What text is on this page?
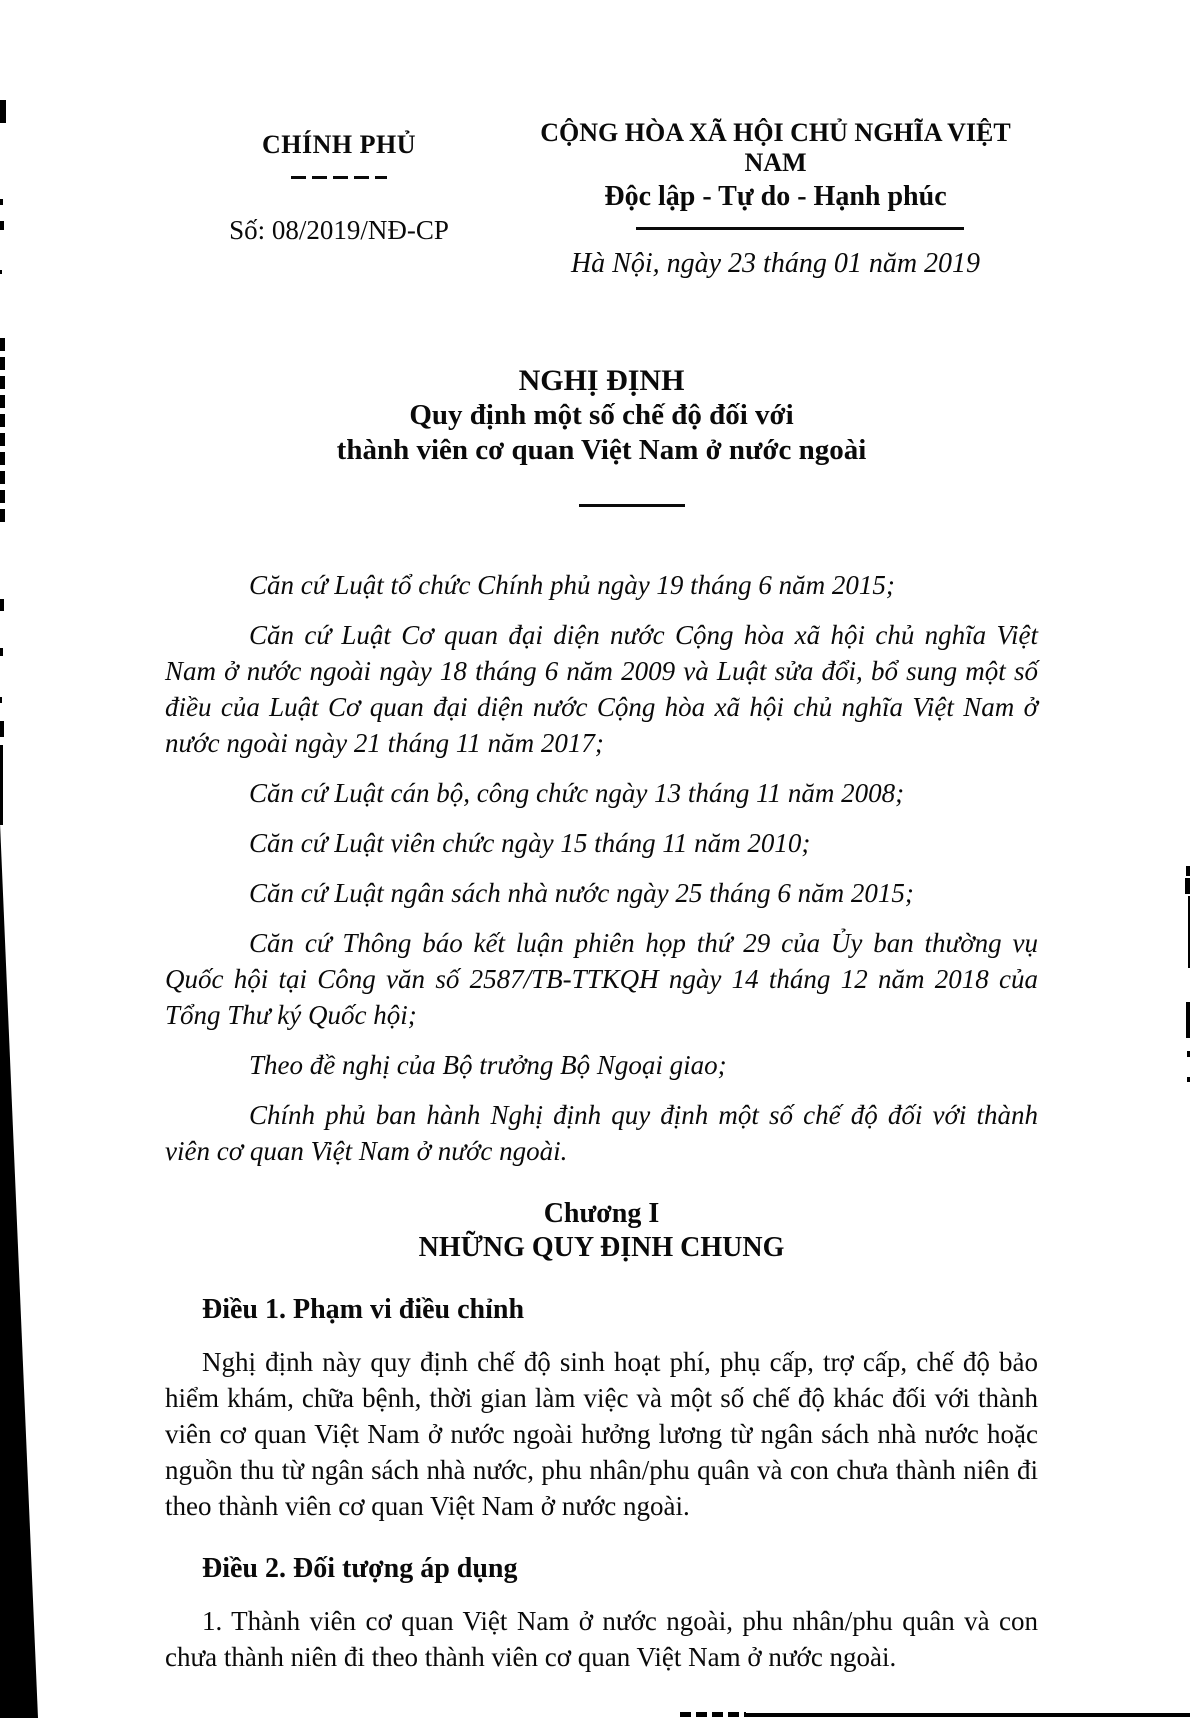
CHÍNH PHỦ
Số: 08/2019/NĐ-CP
CỘNG HÒA XÃ HỘI CHỦ NGHĨA VIỆT NAM
Độc lập - Tự do - Hạnh phúc
Hà Nội, ngày 23 tháng 01 năm 2019
NGHỊ ĐỊNH
Quy định một số chế độ đối với
thành viên cơ quan Việt Nam ở nước ngoài

Căn cứ Luật tổ chức Chính phủ ngày 19 tháng 6 năm 2015;

Căn cứ Luật Cơ quan đại diện nước Cộng hòa xã hội chủ nghĩa Việt Nam ở nước ngoài ngày 18 tháng 6 năm 2009 và Luật sửa đổi, bổ sung một số điều của Luật Cơ quan đại diện nước Cộng hòa xã hội chủ nghĩa Việt Nam ở nước ngoài ngày 21 tháng 11 năm 2017;

Căn cứ Luật cán bộ, công chức ngày 13 tháng 11 năm 2008;

Căn cứ Luật viên chức ngày 15 tháng 11 năm 2010;

Căn cứ Luật ngân sách nhà nước ngày 25 tháng 6 năm 2015;

Căn cứ Thông báo kết luận phiên họp thứ 29 của Ủy ban thường vụ Quốc hội tại Công văn số 2587/TB-TTKQH ngày 14 tháng 12 năm 2018 của Tổng Thư ký Quốc hội;

Theo đề nghị của Bộ trưởng Bộ Ngoại giao;

Chính phủ ban hành Nghị định quy định một số chế độ đối với thành viên cơ quan Việt Nam ở nước ngoài.

Chương I
NHỮNG QUY ĐỊNH CHUNG
Điều 1. Phạm vi điều chỉnh

Nghị định này quy định chế độ sinh hoạt phí, phụ cấp, trợ cấp, chế độ bảo hiểm khám, chữa bệnh, thời gian làm việc và một số chế độ khác đối với thành viên cơ quan Việt Nam ở nước ngoài hưởng lương từ ngân sách nhà nước hoặc nguồn thu từ ngân sách nhà nước, phu nhân/phu quân và con chưa thành niên đi theo thành viên cơ quan Việt Nam ở nước ngoài.

Điều 2. Đối tượng áp dụng

1. Thành viên cơ quan Việt Nam ở nước ngoài, phu nhân/phu quân và con chưa thành niên đi theo thành viên cơ quan Việt Nam ở nước ngoài.
